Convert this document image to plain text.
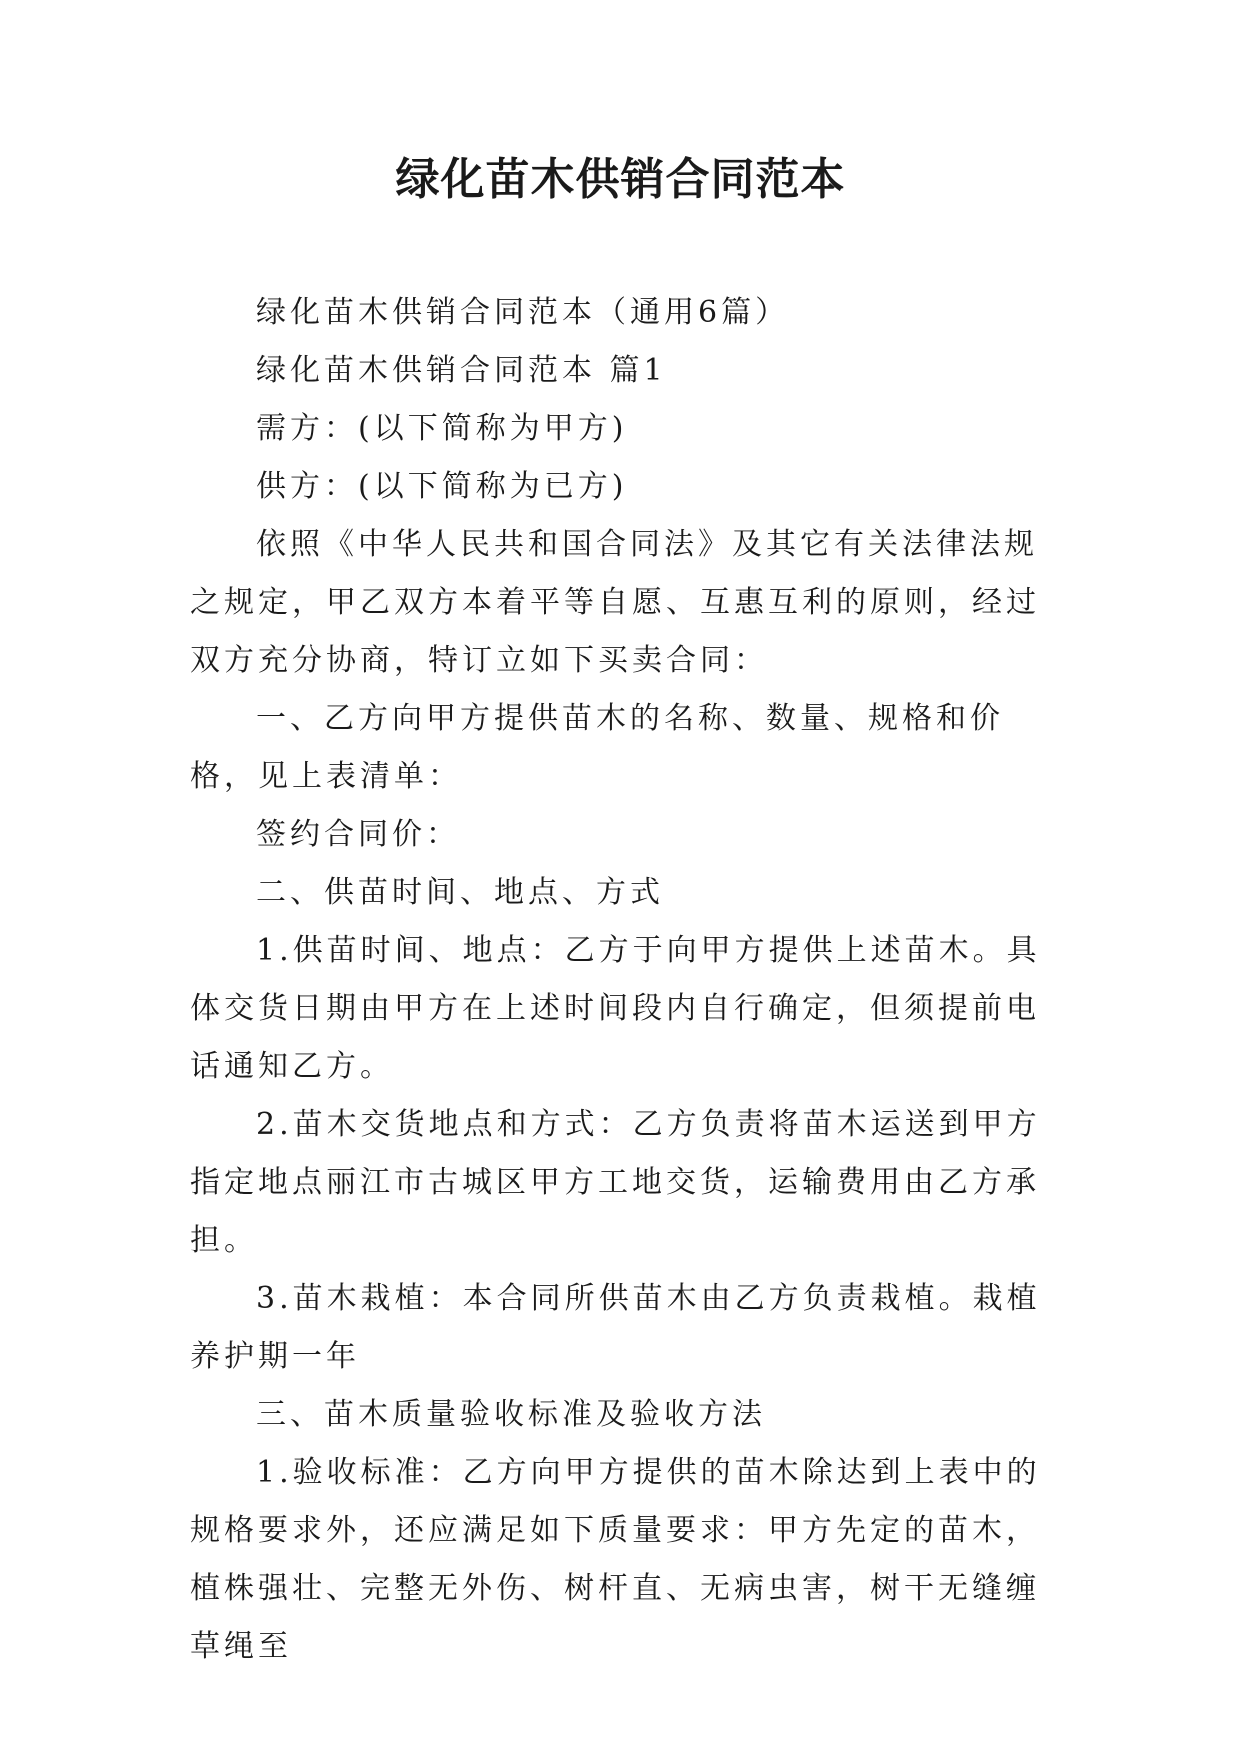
绿化苗木供销合同范本

绿化苗木供销合同范本（通用6篇）

绿化苗木供销合同范本 篇1

需方：(以下简称为甲方)

供方：(以下简称为已方)

依照《中华人民共和国合同法》及其它有关法律法规之规定，甲乙双方本着平等自愿、互惠互利的原则，经过双方充分协商，特订立如下买卖合同：

一、乙方向甲方提供苗木的名称、数量、规格和价格，见上表清单：

签约合同价：

二、供苗时间、地点、方式

1.供苗时间、地点：乙方于向甲方提供上述苗木。具体交货日期由甲方在上述时间段内自行确定，但须提前电话通知乙方。

2.苗木交货地点和方式：乙方负责将苗木运送到甲方指定地点丽江市古城区甲方工地交货，运输费用由乙方承担。

3.苗木栽植：本合同所供苗木由乙方负责栽植。栽植养护期一年

三、苗木质量验收标准及验收方法

1.验收标准：乙方向甲方提供的苗木除达到上表中的规格要求外，还应满足如下质量要求：甲方先定的苗木，植株强壮、完整无外伤、树杆直、无病虫害，树干无缝缠草绳至
